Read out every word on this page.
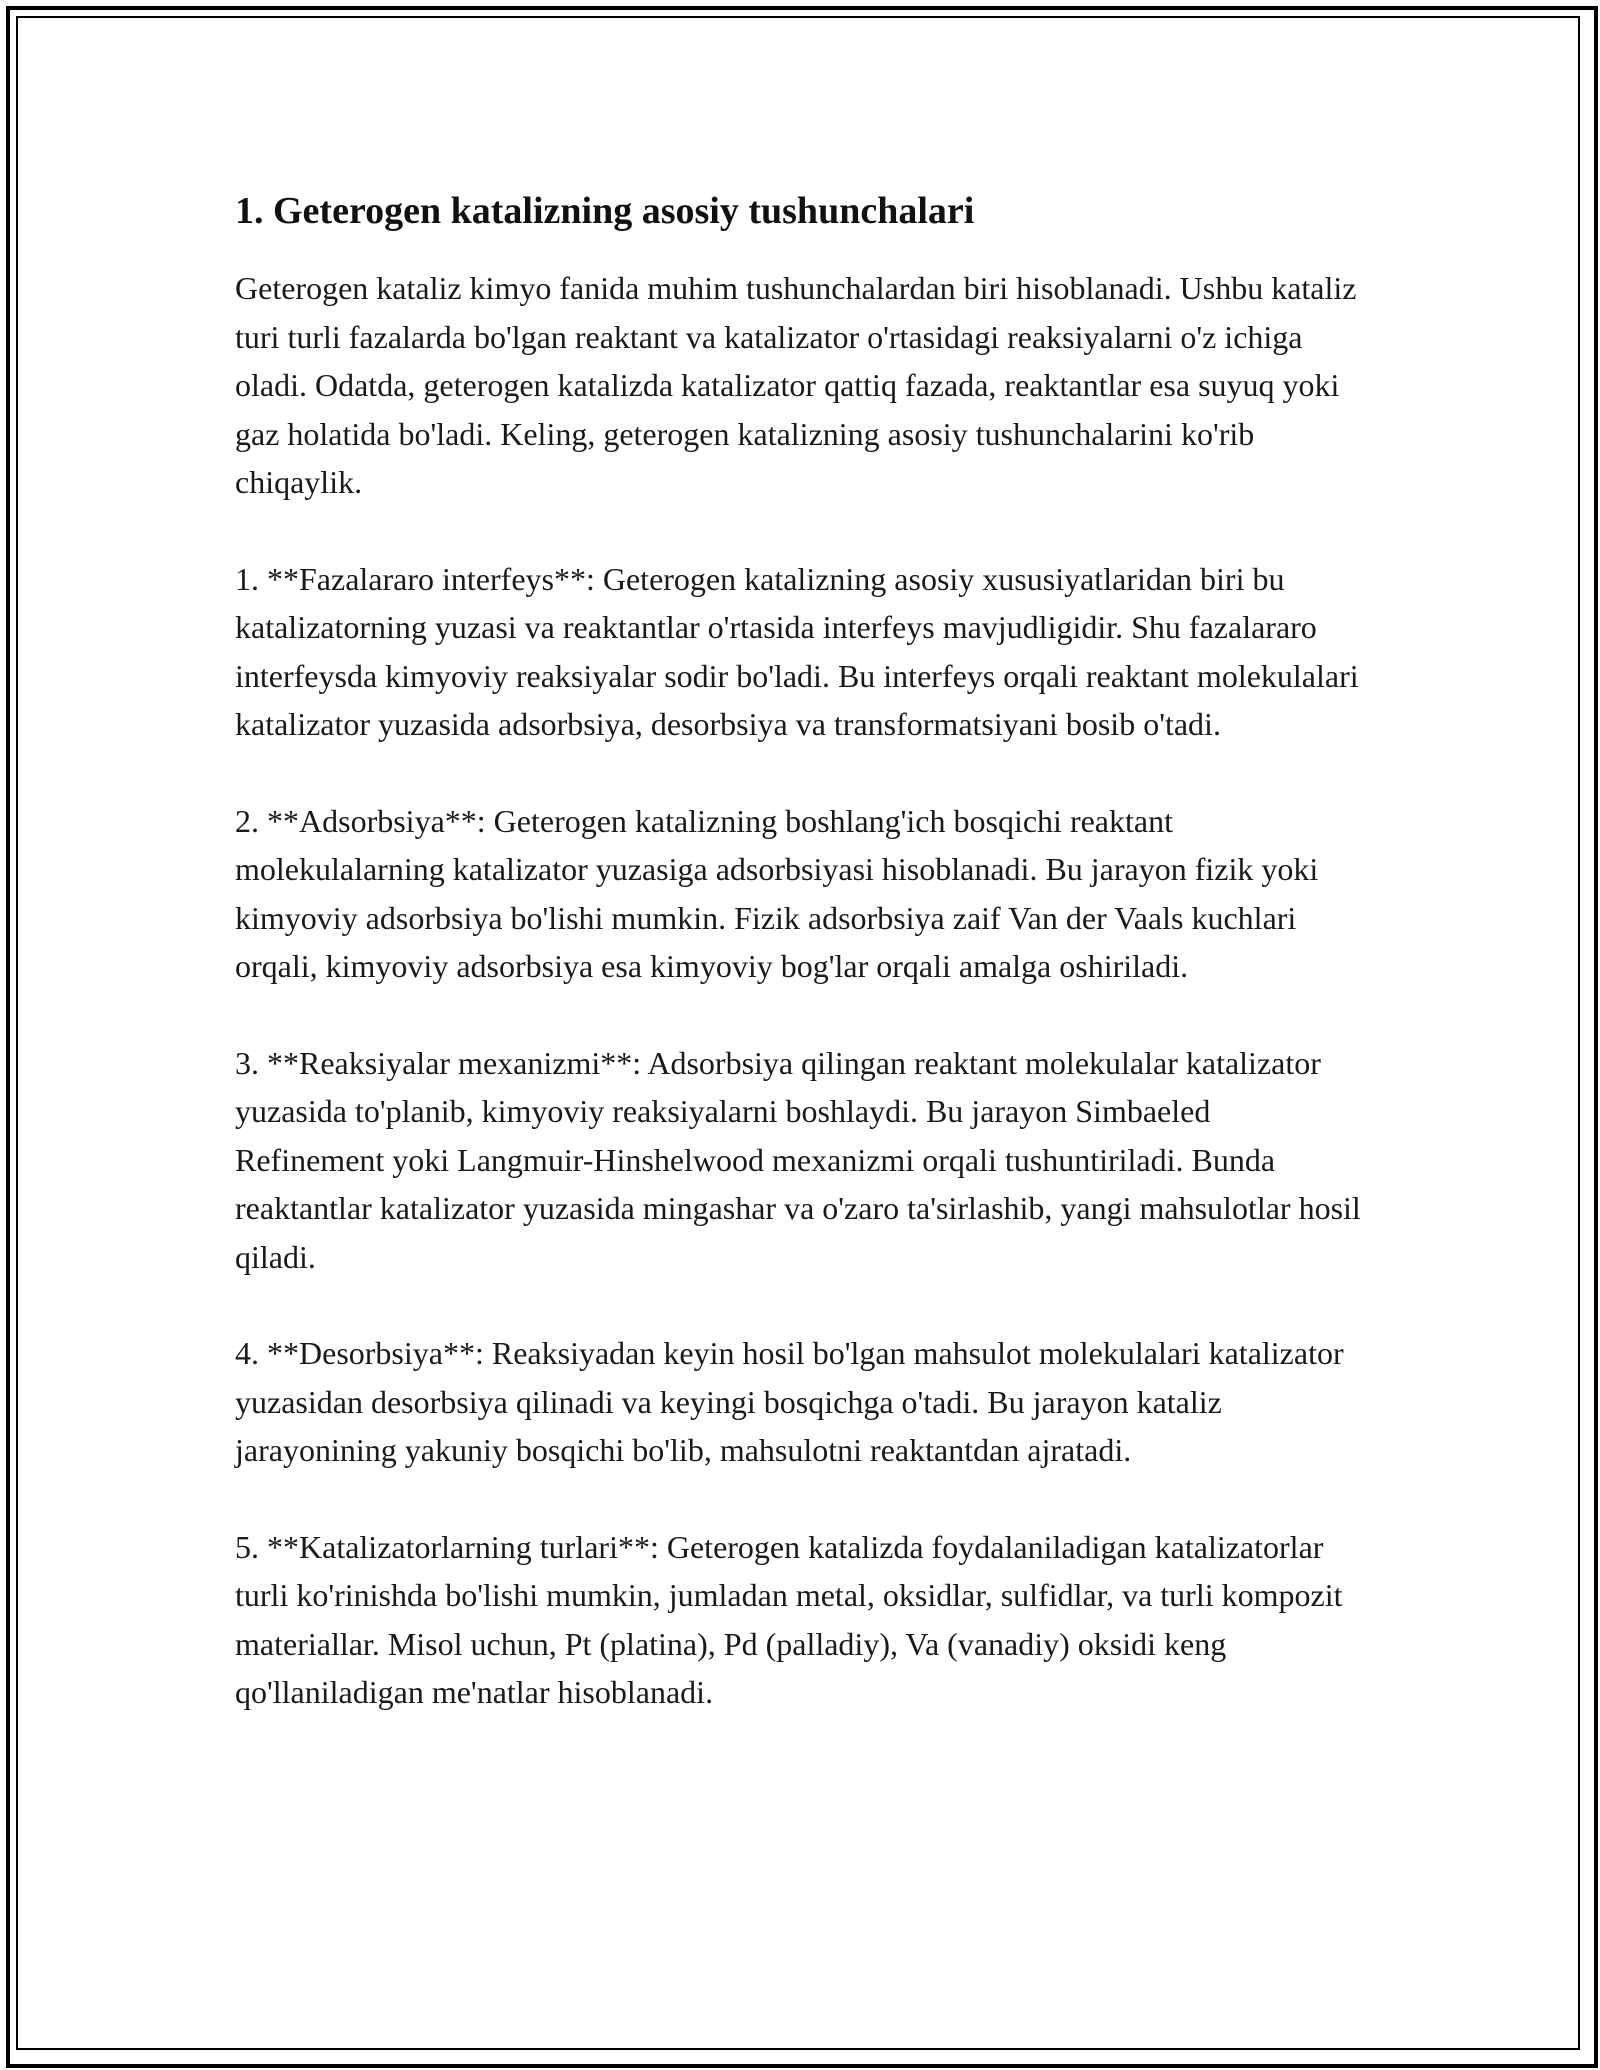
1. Geterogen katalizning asosiy tushunchalari

Geterogen kataliz kimyo fanida muhim tushunchalardan biri hisoblanadi. Ushbu kataliz turi turli fazalarda bo'lgan reaktant va katalizator o'rtasidagi reaksiyalarni o'z ichiga oladi. Odatda, geterogen katalizda katalizator qattiq fazada, reaktantlar esa suyuq yoki gaz holatida bo'ladi. Keling, geterogen katalizning asosiy tushunchalarini ko'rib chiqaylik.

1. **Fazalararo interfeys**: Geterogen katalizning asosiy xususiyatlaridan biri bu katalizatorning yuzasi va reaktantlar o'rtasida interfeys mavjudligidir. Shu fazalararo interfeysda kimyoviy reaksiyalar sodir bo'ladi. Bu interfeys orqali reaktant molekulalari katalizator yuzasida adsorbsiya, desorbsiya va transformatsiyani bosib o'tadi.

2. **Adsorbsiya**: Geterogen katalizning boshlang'ich bosqichi reaktant molekulalarning katalizator yuzasiga adsorbsiyasi hisoblanadi. Bu jarayon fizik yoki kimyoviy adsorbsiya bo'lishi mumkin. Fizik adsorbsiya zaif Van der Vaals kuchlari orqali, kimyoviy adsorbsiya esa kimyoviy bog'lar orqali amalga oshiriladi.

3. **Reaksiyalar mexanizmi**: Adsorbsiya qilingan reaktant molekulalar katalizator yuzasida to'planib, kimyoviy reaksiyalarni boshlaydi. Bu jarayon Simbaeled Refinement yoki Langmuir-Hinshelwood mexanizmi orqali tushuntiriladi. Bunda reaktantlar katalizator yuzasida mingashar va o'zaro ta'sirlashib, yangi mahsulotlar hosil qiladi.

4. **Desorbsiya**: Reaksiyadan keyin hosil bo'lgan mahsulot molekulalari katalizator yuzasidan desorbsiya qilinadi va keyingi bosqichga o'tadi. Bu jarayon kataliz jarayonining yakuniy bosqichi bo'lib, mahsulotni reaktantdan ajratadi.

5. **Katalizatorlarning turlari**: Geterogen katalizda foydalaniladigan katalizatorlar turli ko'rinishda bo'lishi mumkin, jumladan metal, oksidlar, sulfidlar, va turli kompozit materiallar. Misol uchun, Pt (platina), Pd (palladiy), Va (vanadiy) oksidi keng qo'llaniladigan me'natlar hisoblanadi.
